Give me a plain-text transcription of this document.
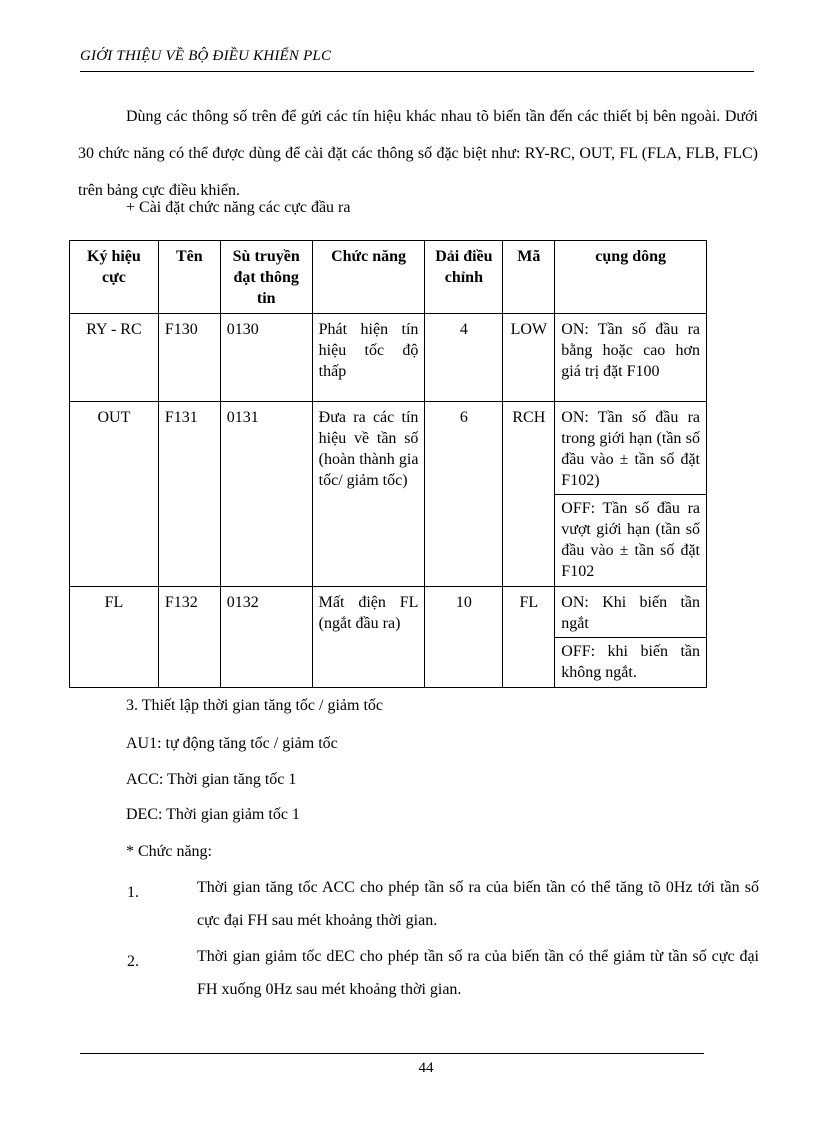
GIỚI THIỆU VỀ BỘ ĐIỀU KHIỂN PLC
Dùng các thông số trên để gửi các tín hiệu khác nhau tõ biến tần đến các thiết bị bên ngoài. Dưới 30 chức năng có thể được dùng để cài đặt các thông số đặc biệt như: RY-RC, OUT, FL (FLA, FLB, FLC) trên bảng cực điều khiển.
+ Cài đặt chức năng các cực đầu ra
Ký hiệu cực	Tên	Sù truyền đạt thông tin	Chức năng	Dải điều chỉnh	Mã	cụng dông
RY - RC	F130	0130	Phát hiện tín hiệu tốc độ thấp	4	LOW	ON: Tần số đầu ra bằng hoặc cao hơn giá trị đặt F100

OUT	F131	0131	Đưa ra các tín hiệu về tần số (hoàn thành gia tốc/ giảm tốc)	6	RCH	ON: Tần số đầu ra trong giới hạn (tần số đầu vào ± tần số đặt F102)
OFF: Tần số đầu ra vượt giới hạn (tần số đầu vào ± tần số đặt F102

FL	F132	0132	Mất điện FL (ngắt đầu ra)	10	FL	ON: Khi biến tần ngắt
OFF: khi biến tần không ngắt.
3. Thiết lập thời gian tăng tốc / giảm tốc
AU1: tự động tăng tốc / giảm tốc
ACC: Thời gian tăng tốc 1
DEC: Thời gian giảm tốc 1
* Chức năng:
1.	Thời gian tăng tốc ACC cho phép tần số ra của biến tần có thể tăng tõ 0Hz tới tần số cực đại FH sau mét khoảng thời gian.
2.	Thời gian giảm tốc dEC cho phép tần số ra của biến tần có thể giảm từ tần số cực đại FH xuống 0Hz sau mét khoảng thời gian.
44
